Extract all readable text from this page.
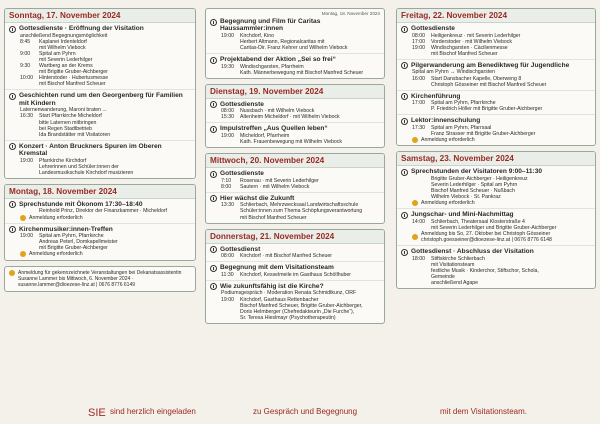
Sonntag, 17. November 2024
Gottesdienste · Eröffnung der Visitation
anschließend Begegnungsmöglichkeit
8:45	Kaplanei Irdenteldorf
mit Wilhelm Viebock
9:00	Spital am Pyhrn
mit Severin Lederhilger
9:30	Wartberg an der Krems
mit Brigitte Gruber-Aichberger
10:00	Hinterstoder · Hubertusmesse
mit Bischof Manfred Scheuer
Geschichten rund um den Georgenberg für Familien mit Kindern
Laternenwanderung, Maroni braten ...
16:30	Start Pfarrkirche Micheldorf
bitte Laternen mitbringen
bei Regen Stadtbetrieb
Ida Brandstätter mit Visitatoren
Konzert · Anton Bruckners Spuren im Oberen Kremstal
19:00	Pfarrkirche Kirchdorf
Lehrerinnen und Schüler:innen der
Landesmusikschule Kirchdorf musizieren
Montag, 18. November 2024
Sprechstunde mit Ökonom 17:30–18:40
Reinhold Prinz, Direktor der Finanzkammer · Micheldorf
Anmeldung erforderlich
Kirchenmusiker:innen-Treffen
19:00	Spital am Pyhrn, Pfarrkirche
Andreas Peterl, Domkapellmeister
mit Brigitte Gruber-Aichberger
Anmeldung erforderlich
Anmeldung für gekennzeichnete Veranstaltungen bei Dekanatsassistentin Susanne Lammer bis Mittwoch, 6. November 2024 · susanne.lammer@dioezese-linz.at | 0676 8776 6149
Montag, 18. November 2024
Begegnung und Film für Caritas Haussammler:innen
19:00	Kirchdorf, Kino
Herbert Altmann, Regionalcaritas mit
Caritas-Dir. Franz Kehrer und Wilhelm Viebock
Projektabend der Aktion „Sei so frei“
19:30	Windischgarsten, Pfarrheim
Kath. Männerbewegung mit Bischof Manfred Scheuer
Dienstag, 19. November 2024
Gottesdienste
08:00	Nussbach · mit Wilhelm Viebock
15:30	Altenheim Micheldorf · mit Wilhelm Viebock
Impulstreffen „Aus Quellen leben“
19:00	Micheldorf, Pfarrheim
Kath. Frauenbewegung mit Wilhelm Viebock
Mittwoch, 20. November 2024
Gottesdienste
7:10	Rosenau · mit Severin Lederhilger
8:00	Sautern · mit Wilhelm Viebock
Hier wächst die Zukunft
13:30	Schlierbach, Mehrzwecksaal Landwirtschaftsschule
Schüler:innen zum Thema Schöpfungsverantwortung
mit Bischof Manfred Scheuer
Donnerstag, 21. November 2024
Gottesdienst
08:00	Kirchdorf · mit Bischof Manfred Scheuer
Begegnung mit dem Visitationsteam
11:30	Kirchdorf, Kesselmeile im Gasthaus Schöllhuber
Wie zukunftsfähig ist die Kirche?
Podiumsgespräch · Moderation Renata Schmidtkunz, ORF
19:00	Kirchdorf, Gasthaus Rettenbacher
Bischof Manfred Scheuer, Brigitte Gruber-Aichberger,
Doris Helmberger (Chefredakteurin „Die Furche“),
Sr. Teresa Hieslmayr (Psychotherapeutin)
Freitag, 22. November 2024
Gottesdienste
08:00	Heiligenkreuz · mit Severin Lederhilger
17:00	Vorderstoder · mit Wilhelm Viebock
19:00	Windischgarsten · Cäcilienmesse
mit Bischof Manfred Scheuer
Pilgerwanderung am Benediktweg für Jugendliche
Spital am Pyhrn → Windischgarsten
16:00	Start Dansbacher Kapelle, Oberweng 8
Christoph Gösseiner mit Bischof Manfred Scheuer
Kirchenführung
17:00	Spital am Pyhrn, Pfarrkirche
P. Friedrich Höller mit Brigitte Gruber-Aichberger
Lektor:innenschulung
17:30	Spital am Pyhrn, Pfarrsaal
Franz Strasser mit Brigitte Gruber-Aichberger
Anmeldung erforderlich
Samstag, 23. November 2024
Sprechstunden der Visitatoren 9:00–11:30
Brigitte Gruber-Aichberger · Heiligenkreuz
Severin Lederhilger · Spital am Pyhrn
Bischof Manfred Scheuer · Nußbach
Wilhelm Viebock · St. Pankraz
Anmeldung erforderlich
Jungschar- und Mini-Nachmittag
14:00	Schlierbach, Theatersaal Klosterstraße 4
mit Severin Lederhilger und Brigitte Gruber-Aichberger
Anmeldung bis So, 27. Oktober bei Christoph Gösseiner christoph.goesseiner@dioezese-linz.at | 0676 8776 6148
Gottesdienst · Abschluss der Visitation
18:00	Stiftskirche Schlierbach
mit Visitationsteam
festliche Musik · Kinderchor, Stiftschor, Schola,
Gemeinde
anschließend Agape
SIE sind herzlich eingeladen	zu Gespräch und Begegnung	mit dem Visitationsteam.
